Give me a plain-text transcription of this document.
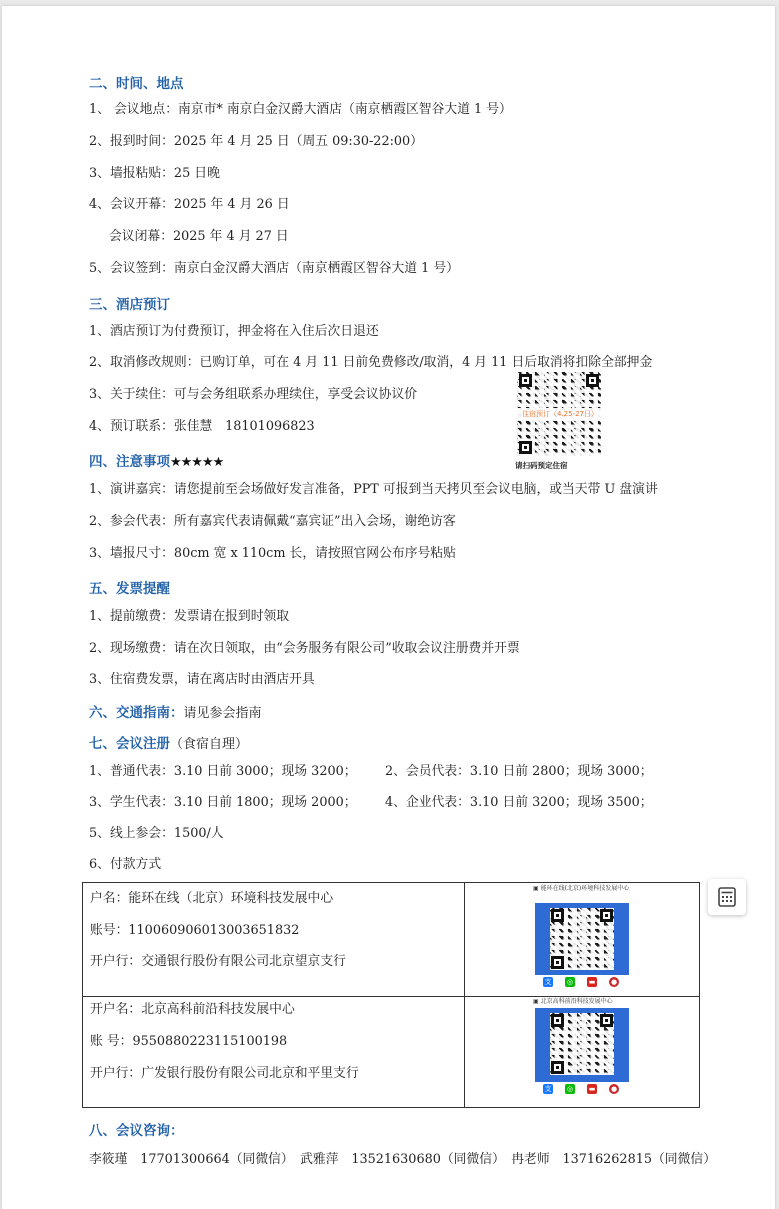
二、时间、地点
1、 会议地点：南京市* 南京白金汉爵大酒店（南京栖霞区智谷大道 1 号）
2、报到时间：2025 年 4 月 25 日（周五 09:30-22:00）
3、墙报粘贴：25 日晚
4、会议开幕：2025 年 4 月 26 日
会议闭幕：2025 年 4 月 27 日
5、会议签到：南京白金汉爵大酒店（南京栖霞区智谷大道 1 号）
三、酒店预订
1、酒店预订为付费预订，押金将在入住后次日退还
2、取消修改规则：已购订单，可在 4 月 11 日前免费修改/取消，4 月 11 日后取消将扣除全部押金
3、关于续住：可与会务组联系办理续住，享受会议协议价
4、预订联系：张佳慧　18101096823
住宿预订（4.25-27日）
请扫码预定住宿
四、注意事项★★★★★
1、演讲嘉宾：请您提前至会场做好发言准备，PPT 可报到当天拷贝至会议电脑，或当天带 U 盘演讲
2、参会代表：所有嘉宾代表请佩戴“嘉宾证”出入会场，谢绝访客
3、墙报尺寸：80cm 宽 x 110cm 长，请按照官网公布序号粘贴
五、发票提醒
1、提前缴费：发票请在报到时领取
2、现场缴费：请在次日领取，由“会务服务有限公司”收取会议注册费并开票
3、住宿费发票，请在离店时由酒店开具
六、交通指南：请见参会指南
七、会议注册（食宿自理）
1、普通代表：3.10 日前 3000；现场 3200； 2、会员代表：3.10 日前 2800；现场 3000；
3、学生代表：3.10 日前 1800；现场 2000； 4、企业代表：3.10 日前 3200；现场 3500；
5、线上参会：1500/人
6、付款方式
户名：能环在线（北京）环境科技发展中心
账号：110060906013003651832
开户行：交通银行股份有限公司北京望京支行
▣ 能环在线(北京)环境科技发展中心
支 ◎ ▬ ●
开户名：北京高科前沿科技发展中心
账 号：9550880223115100198
开户行：广发银行股份有限公司北京和平里支行
▣ 北京高科前沿科技发展中心
支 ◎ ▬ ●
八、会议咨询：
李筱瑾　17701300664（同微信）　武雅萍　13521630680（同微信）　冉老师　13716262815（同微信）
